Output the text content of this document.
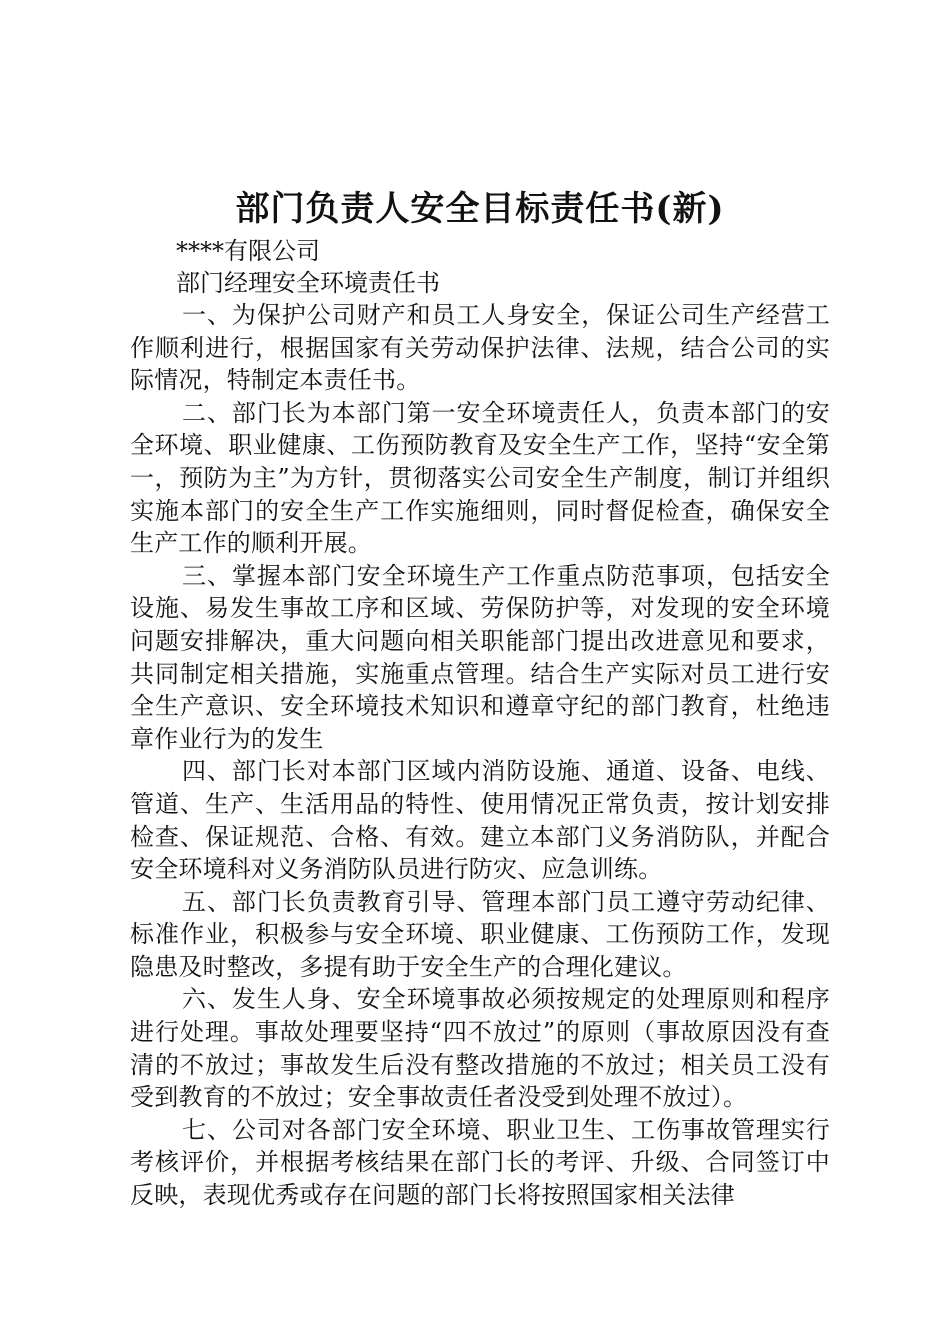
部门负责人安全目标责任书(新)

****有限公司

部门经理安全环境责任书

一、为保护公司财产和员工人身安全，保证公司生产经营工作顺利进行，根据国家有关劳动保护法律、法规，结合公司的实际情况，特制定本责任书。

二、部门长为本部门第一安全环境责任人，负责本部门的安全环境、职业健康、工伤预防教育及安全生产工作，坚持“安全第一，预防为主”为方针，贯彻落实公司安全生产制度，制订并组织实施本部门的安全生产工作实施细则，同时督促检查，确保安全生产工作的顺利开展。

三、掌握本部门安全环境生产工作重点防范事项，包括安全设施、易发生事故工序和区域、劳保防护等，对发现的安全环境问题安排解决，重大问题向相关职能部门提出改进意见和要求，共同制定相关措施，实施重点管理。结合生产实际对员工进行安全生产意识、安全环境技术知识和遵章守纪的部门教育，杜绝违章作业行为的发生

四、部门长对本部门区域内消防设施、通道、设备、电线、管道、生产、生活用品的特性、使用情况正常负责，按计划安排检查、保证规范、合格、有效。建立本部门义务消防队，并配合安全环境科对义务消防队员进行防灾、应急训练。

五、部门长负责教育引导、管理本部门员工遵守劳动纪律、标准作业，积极参与安全环境、职业健康、工伤预防工作，发现隐患及时整改，多提有助于安全生产的合理化建议。

六、发生人身、安全环境事故必须按规定的处理原则和程序进行处理。事故处理要坚持“四不放过”的原则（事故原因没有查清的不放过；事故发生后没有整改措施的不放过；相关员工没有受到教育的不放过；安全事故责任者没受到处理不放过）。

七、公司对各部门安全环境、职业卫生、工伤事故管理实行考核评价，并根据考核结果在部门长的考评、升级、合同签订中反映，表现优秀或存在问题的部门长将按照国家相关法律
